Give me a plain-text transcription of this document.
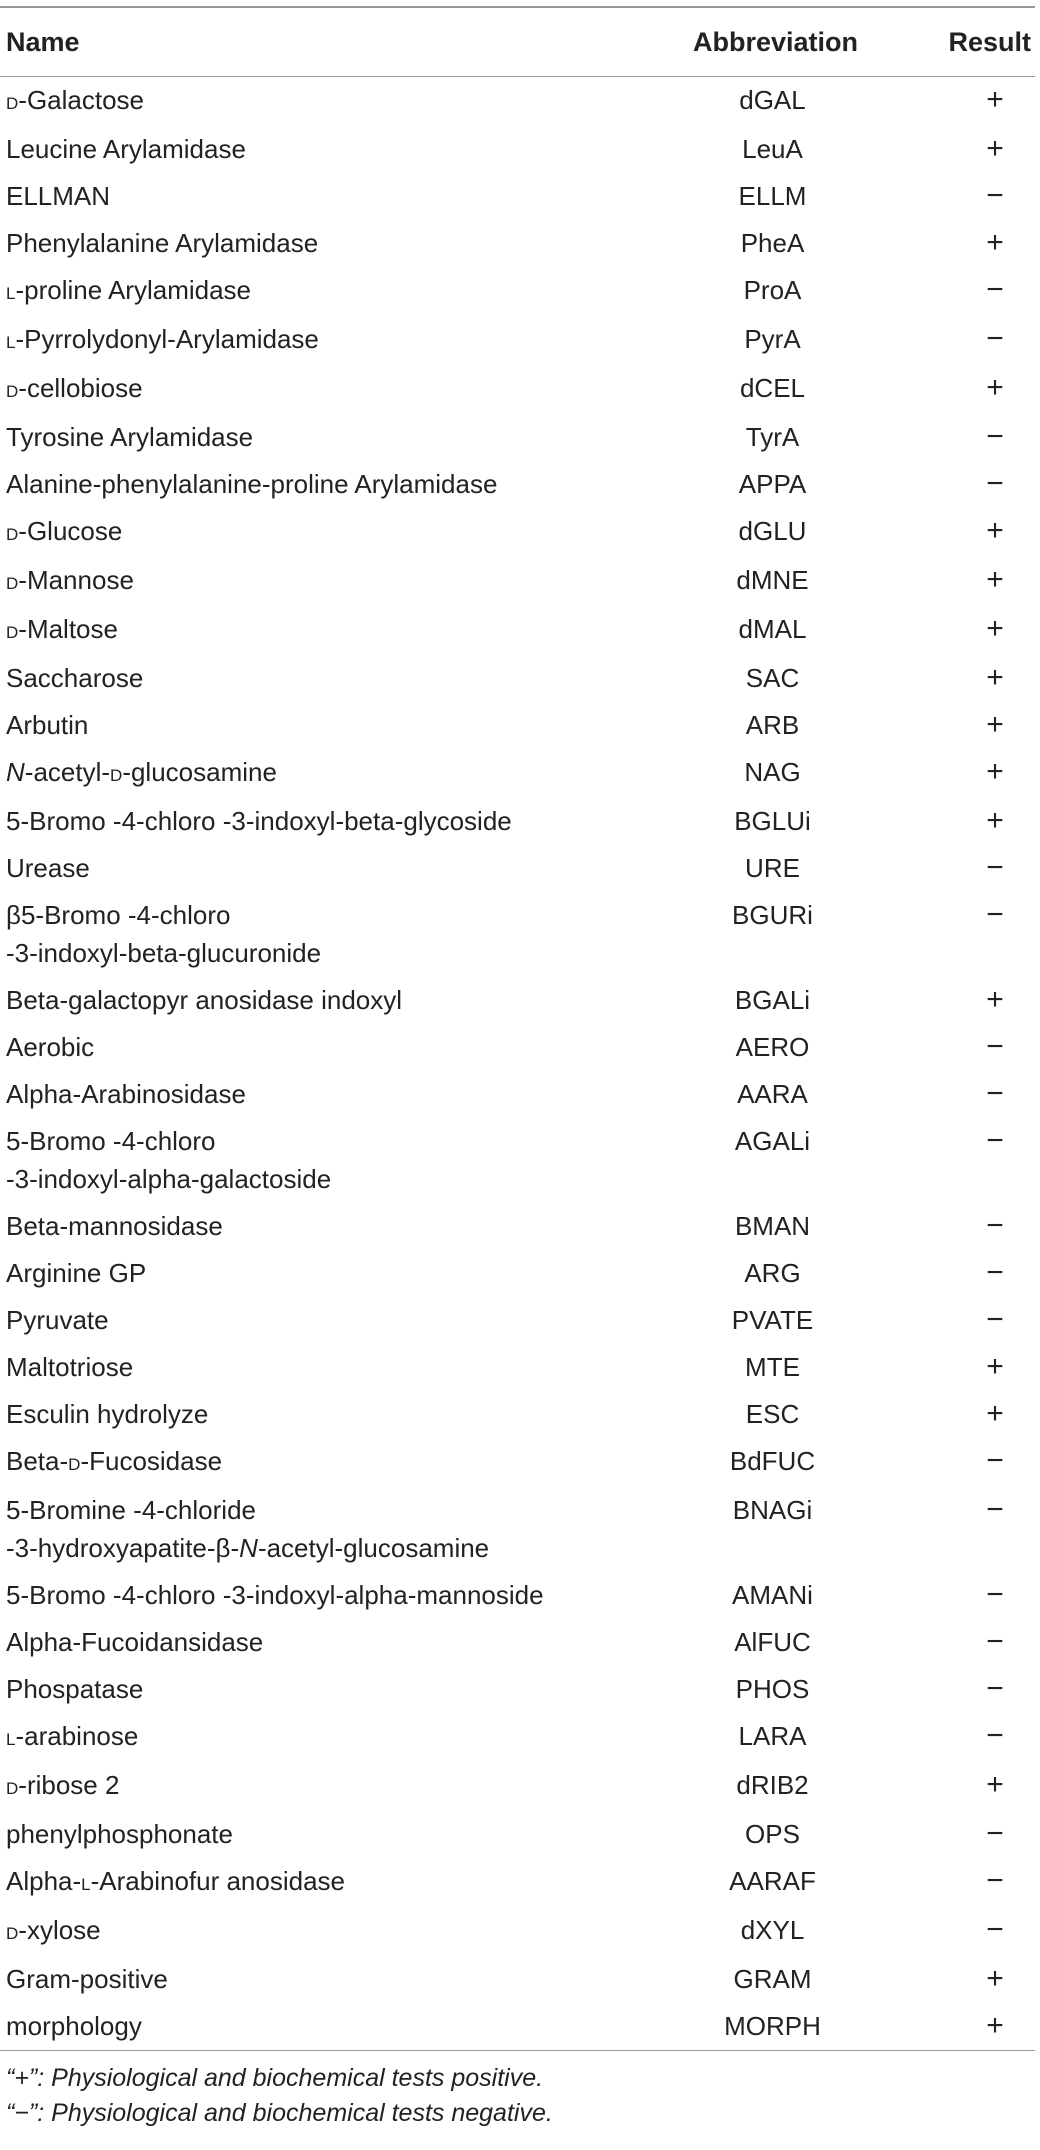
Name	Abbreviation	Result
d-Galactose	dGAL	+
Leucine Arylamidase	LeuA	+
ELLMAN	ELLM	−
Phenylalanine Arylamidase	PheA	+
l-proline Arylamidase	ProA	−
l-Pyrrolydonyl-Arylamidase	PyrA	−
d-cellobiose	dCEL	+
Tyrosine Arylamidase	TyrA	−
Alanine-phenylalanine-proline Arylamidase	APPA	−
d-Glucose	dGLU	+
d-Mannose	dMNE	+
d-Maltose	dMAL	+
Saccharose	SAC	+
Arbutin	ARB	+
N-acetyl-d-glucosamine	NAG	+
5-Bromo -4-chloro -3-indoxyl-beta-glycoside	BGLUi	+
Urease	URE	−
β5-Bromo -4-chloro
-3-indoxyl-beta-glucuronide	BGURi	−
Beta-galactopyr anosidase indoxyl	BGALi	+
Aerobic	AERO	−
Alpha-Arabinosidase	AARA	−
5-Bromo -4-chloro
-3-indoxyl-alpha-galactoside	AGALi	−
Beta-mannosidase	BMAN	−
Arginine GP	ARG	−
Pyruvate	PVATE	−
Maltotriose	MTE	+
Esculin hydrolyze	ESC	+
Beta-d-Fucosidase	BdFUC	−
5-Bromine -4-chloride
-3-hydroxyapatite-β-N-acetyl-glucosamine	BNAGi	−
5-Bromo -4-chloro -3-indoxyl-alpha-mannoside	AMANi	−
Alpha-Fucoidansidase	AlFUC	−
Phospatase	PHOS	−
l-arabinose	LARA	−
d-ribose 2	dRIB2	+
phenylphosphonate	OPS	−
Alpha-l-Arabinofur anosidase	AARAF	−
d-xylose	dXYL	−
Gram-positive	GRAM	+
morphology	MORPH	+
“+”: Physiological and biochemical tests positive.
“−”: Physiological and biochemical tests negative.
